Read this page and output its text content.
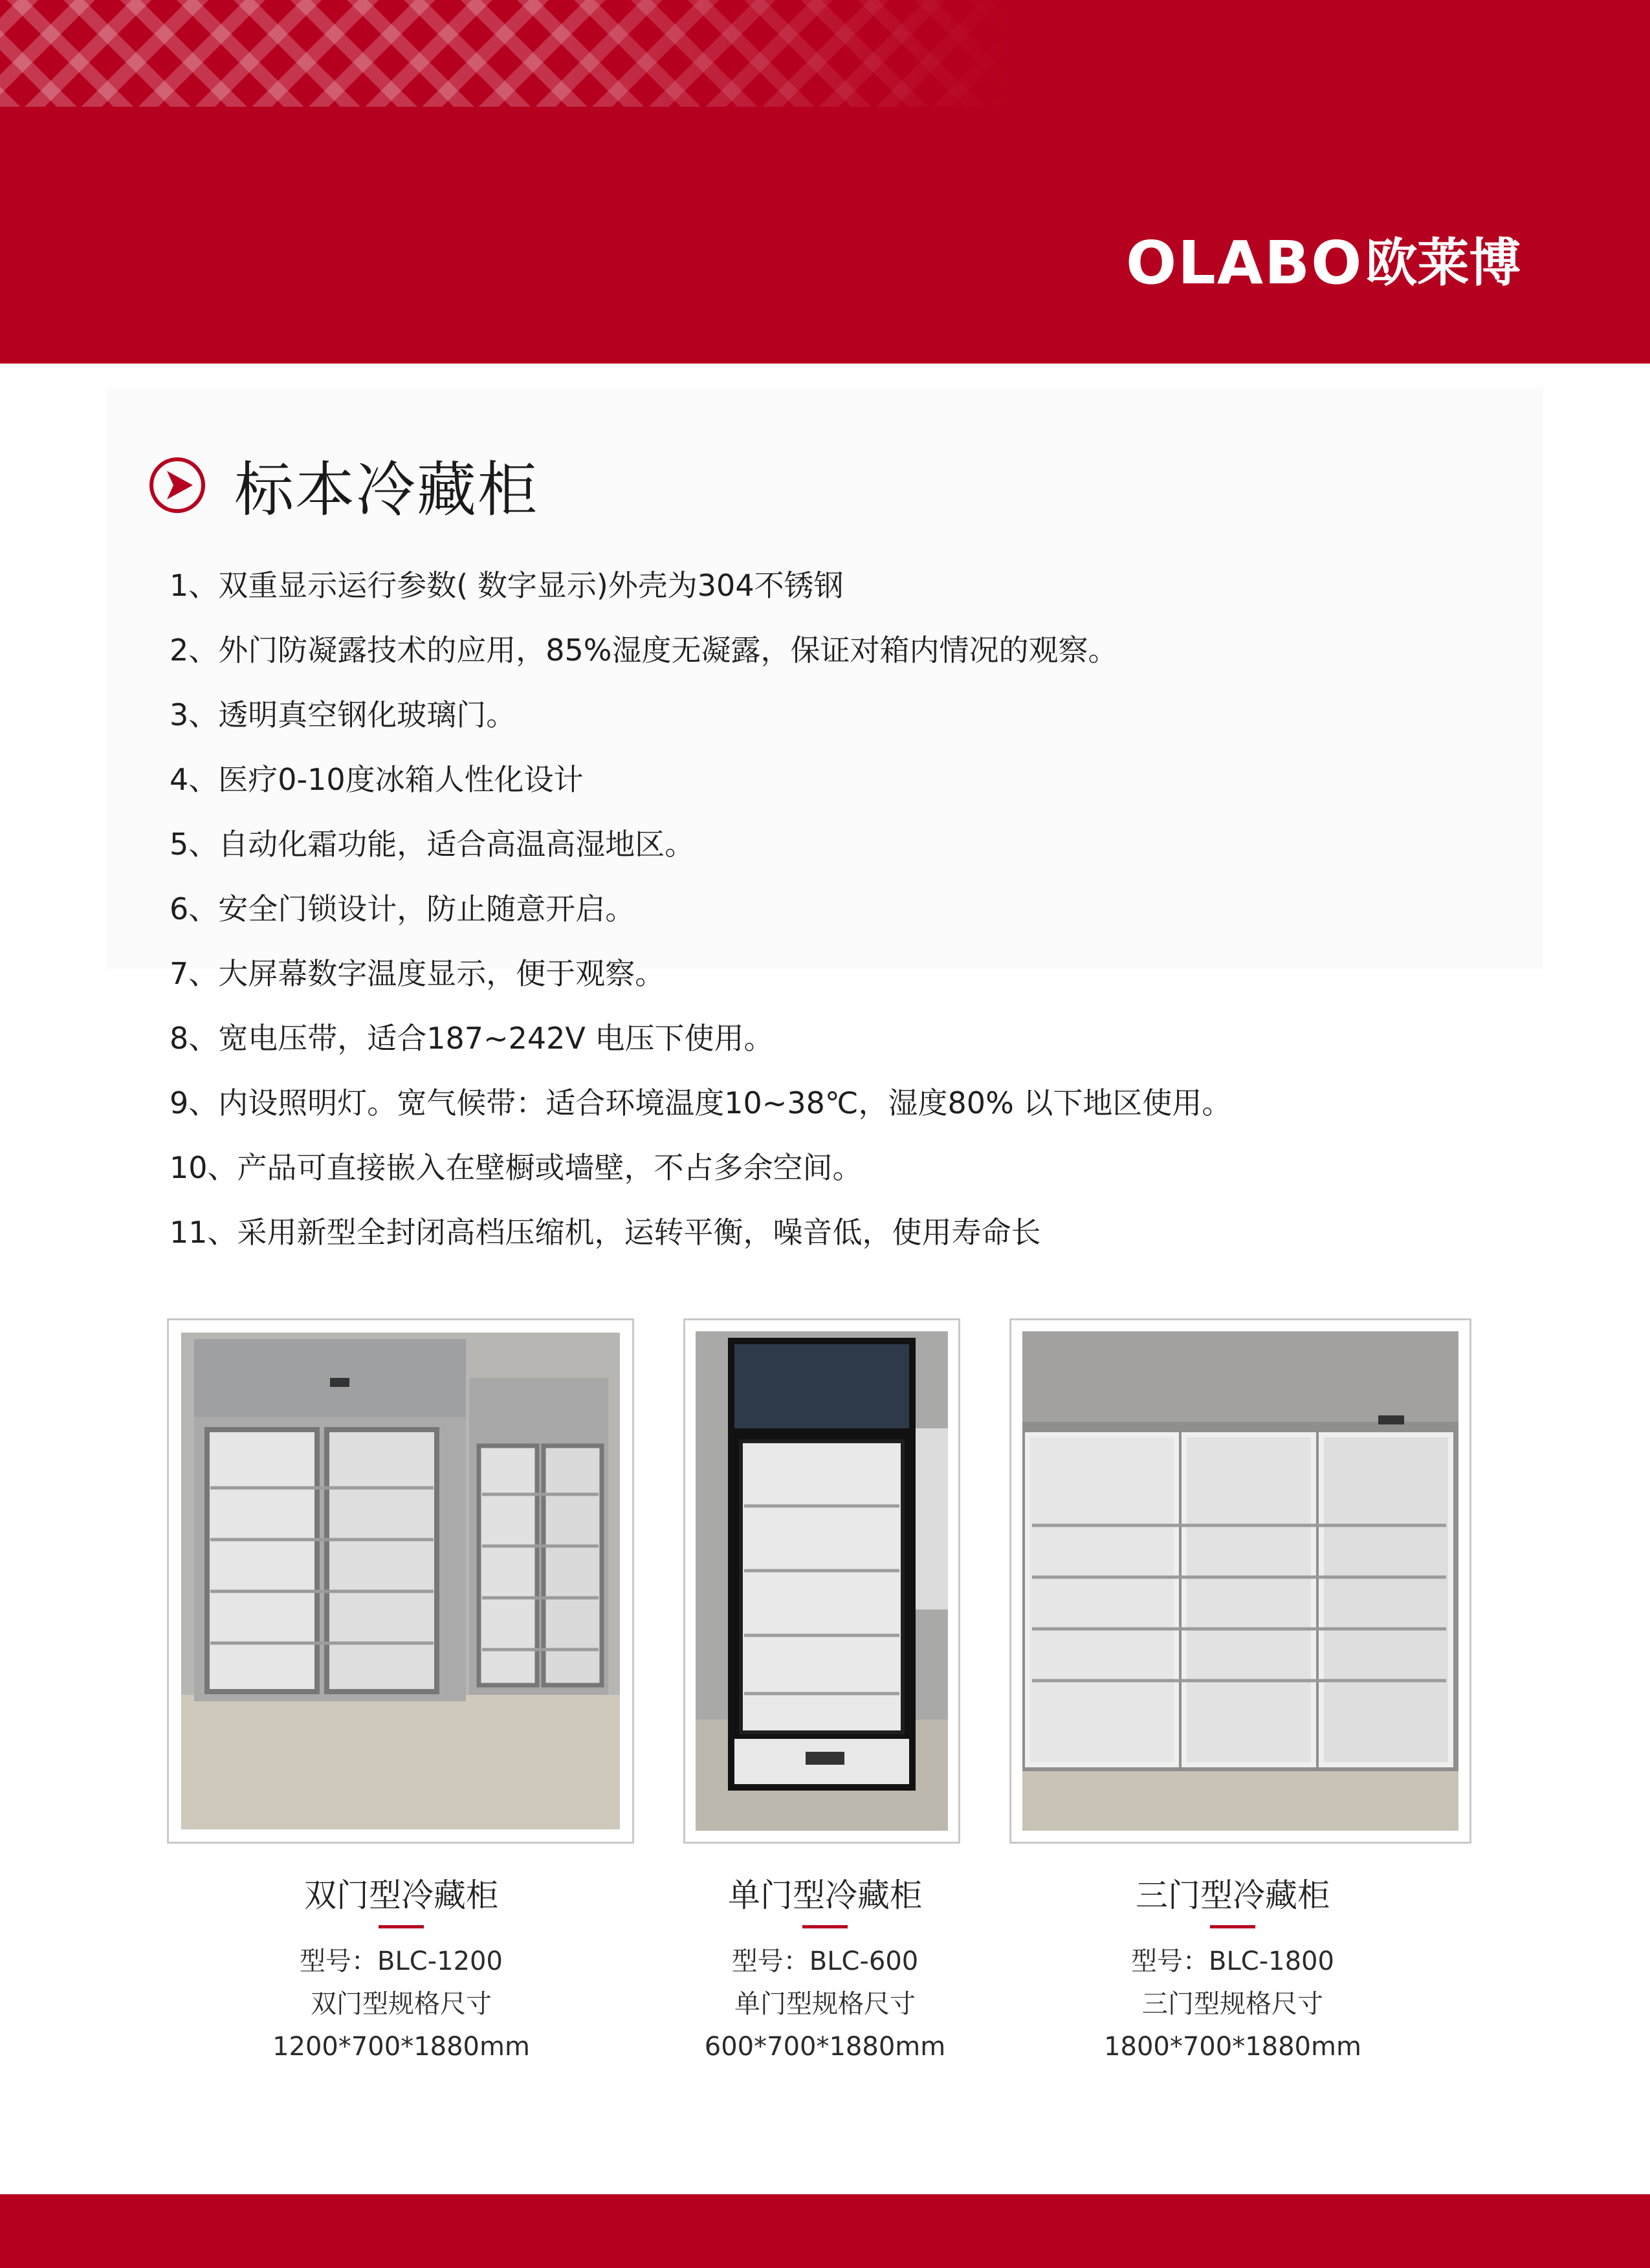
OLABO 欧莱博
标本冷藏柜
1、双重显示运行参数( 数字显示)外壳为304不锈钢
2、外门防凝露技术的应用，85%湿度无凝露，保证对箱内情况的观察。
3、透明真空钢化玻璃门。
4、医疗0-10度冰箱人性化设计
5、自动化霜功能，适合高温高湿地区。
6、安全门锁设计，防止随意开启。
7、大屏幕数字温度显示，便于观察。
8、宽电压带，适合187~242V 电压下使用。
9、内设照明灯。宽气候带：适合环境温度10~38℃，湿度80% 以下地区使用。
10、产品可直接嵌入在壁橱或墙壁，不占多余空间。
11、采用新型全封闭高档压缩机，运转平衡，噪音低，使用寿命长
双门型冷藏柜
型号：BLC-1200
双门型规格尺寸
1200*700*1880mm
单门型冷藏柜
型号：BLC-600
单门型规格尺寸
600*700*1880mm
三门型冷藏柜
型号：BLC-1800
三门型规格尺寸
1800*700*1880mm
